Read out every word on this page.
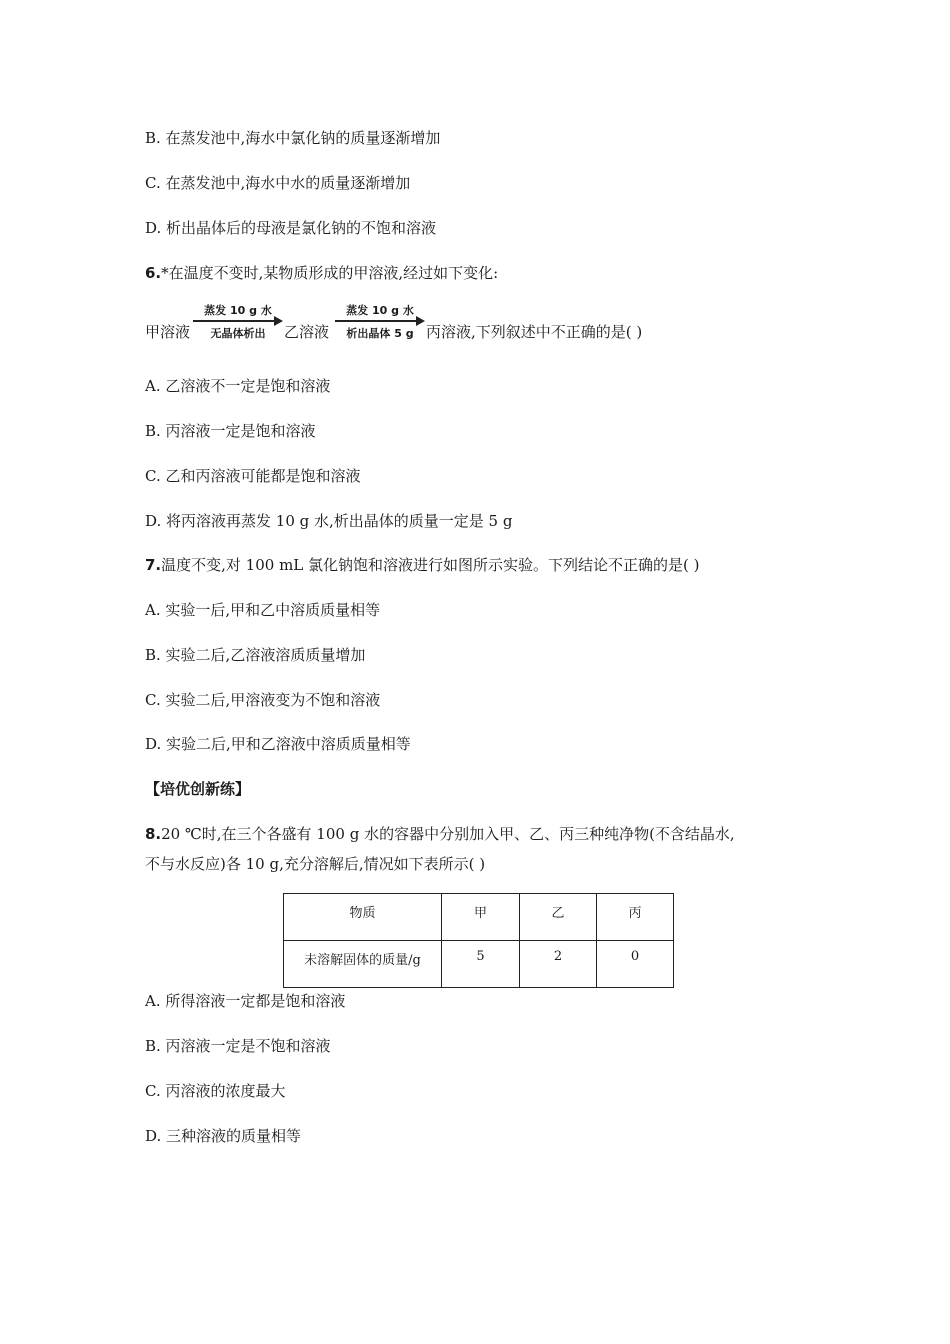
B. 在蒸发池中,海水中氯化钠的质量逐渐增加
C. 在蒸发池中,海水中水的质量逐渐增加
D. 析出晶体后的母液是氯化钠的不饱和溶液
6.*在温度不变时,某物质形成的甲溶液,经过如下变化:
甲溶液
蒸发 10 g 水
无晶体析出	乙溶液
蒸发 10 g 水
析出晶体 5 g 丙溶液,下列叙述中不正确的是( )
A. 乙溶液不一定是饱和溶液
B. 丙溶液一定是饱和溶液
C. 乙和丙溶液可能都是饱和溶液
D. 将丙溶液再蒸发 10 g 水,析出晶体的质量一定是 5 g
7.温度不变,对 100 mL 氯化钠饱和溶液进行如图所示实验。下列结论不正确的是( )
A. 实验一后,甲和乙中溶质质量相等
B. 实验二后,乙溶液溶质质量增加
C. 实验二后,甲溶液变为不饱和溶液
D. 实验二后,甲和乙溶液中溶质质量相等
【培优创新练】
8.20 ℃时,在三个各盛有 100 g 水的容器中分别加入甲、乙、丙三种纯净物(不含结晶水,
不与水反应)各 10 g,充分溶解后,情况如下表所示( )
物质	甲	乙	丙
未溶解固体的质量/g	5	2	0
A. 所得溶液一定都是饱和溶液
B. 丙溶液一定是不饱和溶液
C. 丙溶液的浓度最大
D. 三种溶液的质量相等
